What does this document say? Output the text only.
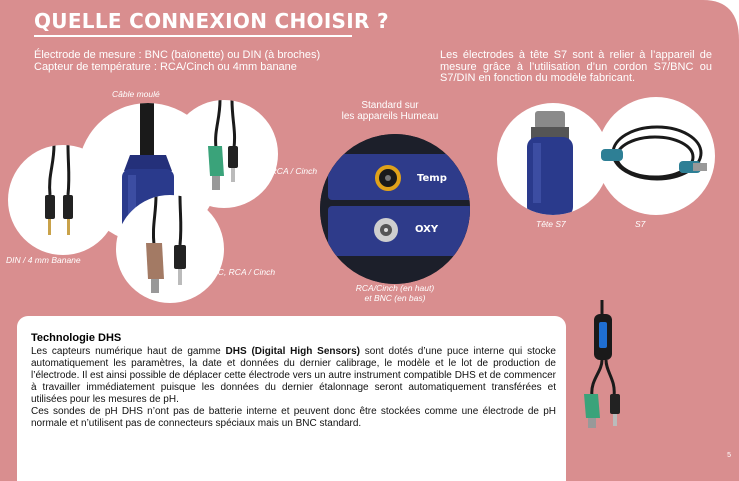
QUELLE CONNEXION CHOISIR ?
Électrode de mesure : BNC (baïonette) ou DIN (à broches)
Capteur de température : RCA/Cinch ou 4mm banane
Les électrodes à tête S7 sont à relier à l’appareil de mesure grâce à l’utilisation d’un cordon S7/BNC ou S7/DIN en fonction du modèle fabricant.
Câble moulé
DIN / 4 mm Banane
BNC, RCA / Cinch
BNC, RCA / Cinch
Standard sur
les appareils Humeau
Temp
OXY
RCA/Cinch (en haut)
et BNC (en bas)
Tête S7	S7
5
Technologie DHS
Les capteurs numérique haut de gamme DHS (Digital High Sensors) sont dotés d’une puce interne qui stocke automatiquement les paramètres, la date et données du dernier calibrage, le modèle et le lot de production de l’électrode. Il est ainsi possible de déplacer cette électrode vers un autre instrument compatible DHS et de commencer à travailler immédiatement puisque les données du dernier étalonnage seront automatiquement transférées et utilisées pour les mesures de pH.
Ces sondes de pH DHS n’ont pas de batterie interne et peuvent donc être stockées comme une électrode de pH normale et n’utilisent pas de connecteurs spéciaux mais un BNC standard.
